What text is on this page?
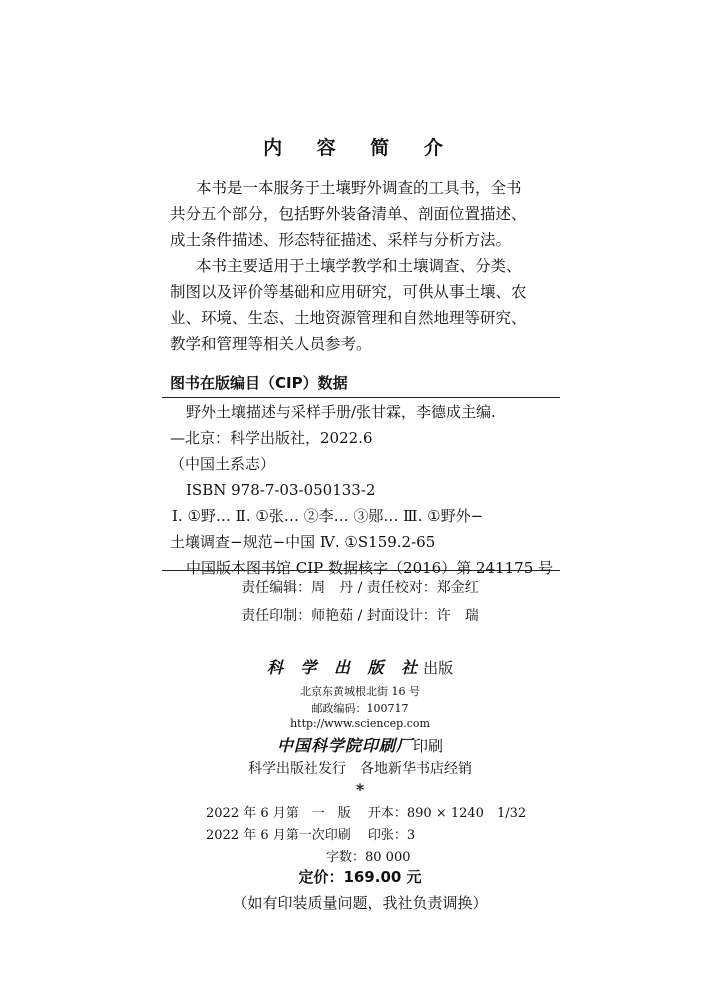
内 容 简 介
本书是一本服务于土壤野外调查的工具书，全书
共分五个部分，包括野外装备清单、剖面位置描述、
成土条件描述、形态特征描述、采样与分析方法。
本书主要适用于土壤学教学和土壤调查、分类、
制图以及评价等基础和应用研究，可供从事土壤、农
业、环境、生态、土地资源管理和自然地理等研究、
教学和管理等相关人员参考。
图书在版编目（CIP）数据
野外土壤描述与采样手册/张甘霖，李德成主编.
—北京：科学出版社，2022.6
（中国土系志）
ISBN 978-7-03-050133-2
Ⅰ. ①野… Ⅱ. ①张… ②李… ③郧… Ⅲ. ①野外−
土壤调查−规范−中国 Ⅳ. ①S159.2-65
中国版本图书馆 CIP 数据核字（2016）第 241175 号
责任编辑：周　丹 / 责任校对：郑金红
责任印制：师艳茹 / 封面设计：许　瑞
科 学 出 版 社出版
北京东黄城根北街 16 号
邮政编码：100717
http://www.sciencep.com
中国科学院印刷厂印刷
科学出版社发行　各地新华书店经销
*
2022 年 6 月第　一　版　 开本：890 × 1240　1/32
2022 年 6 月第一次印刷　 印张：3
字数：80 000
定价：169.00 元
（如有印装质量问题，我社负责调换）
